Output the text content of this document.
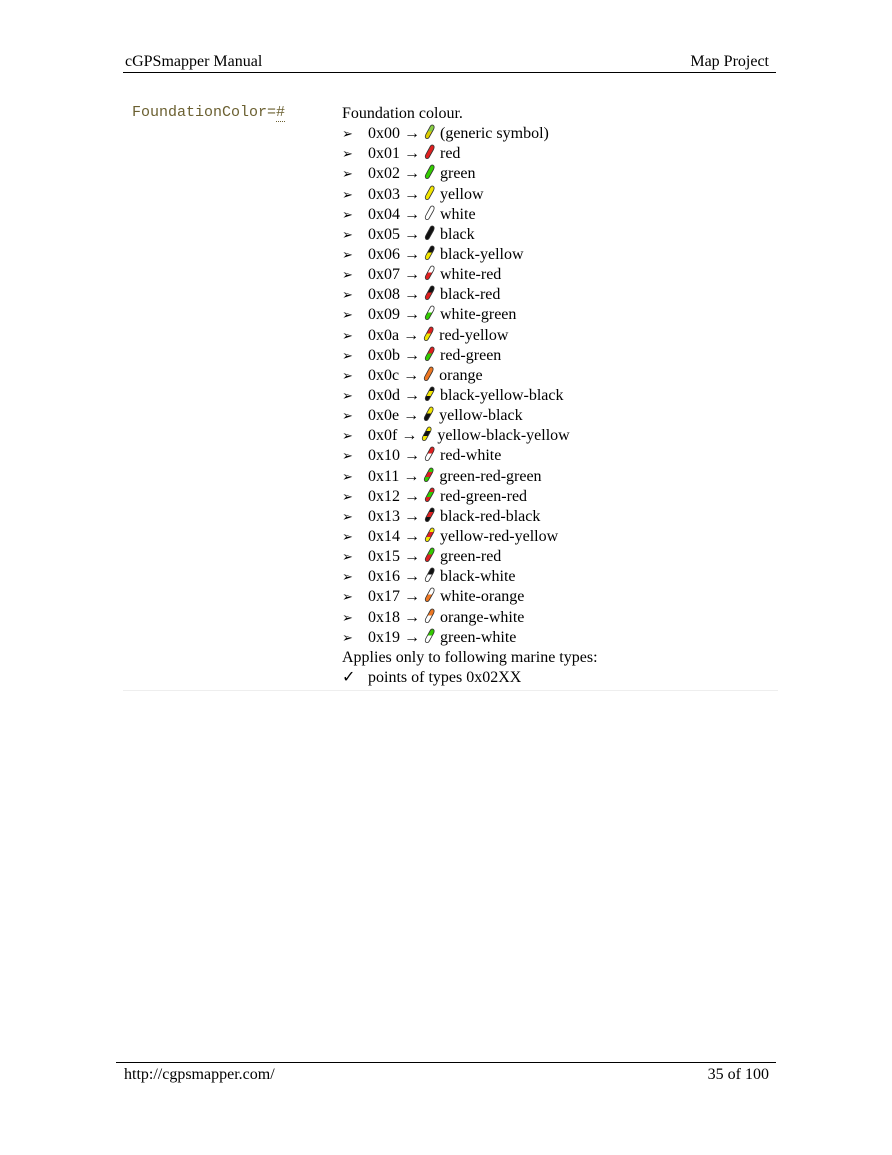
cGPSmapper Manual	Map Project
FoundationColor=#	Foundation colour.
➢ 0x00 → (generic symbol)
➢ 0x01 → red
➢ 0x02 → green
➢ 0x03 → yellow
➢ 0x04 → white
➢ 0x05 → black
➢ 0x06 → black-yellow
➢ 0x07 → white-red
➢ 0x08 → black-red
➢ 0x09 → white-green
➢ 0x0a → red-yellow
➢ 0x0b → red-green
➢ 0x0c → orange
➢ 0x0d → black-yellow-black
➢ 0x0e → yellow-black
➢ 0x0f → yellow-black-yellow
➢ 0x10 → red-white
➢ 0x11 → green-red-green
➢ 0x12 → red-green-red
➢ 0x13 → black-red-black
➢ 0x14 → yellow-red-yellow
➢ 0x15 → green-red
➢ 0x16 → black-white
➢ 0x17 → white-orange
➢ 0x18 → orange-white
➢ 0x19 → green-white
Applies only to following marine types:
✓ points of types 0x02XX
http://cgpsmapper.com/	35 of 100
